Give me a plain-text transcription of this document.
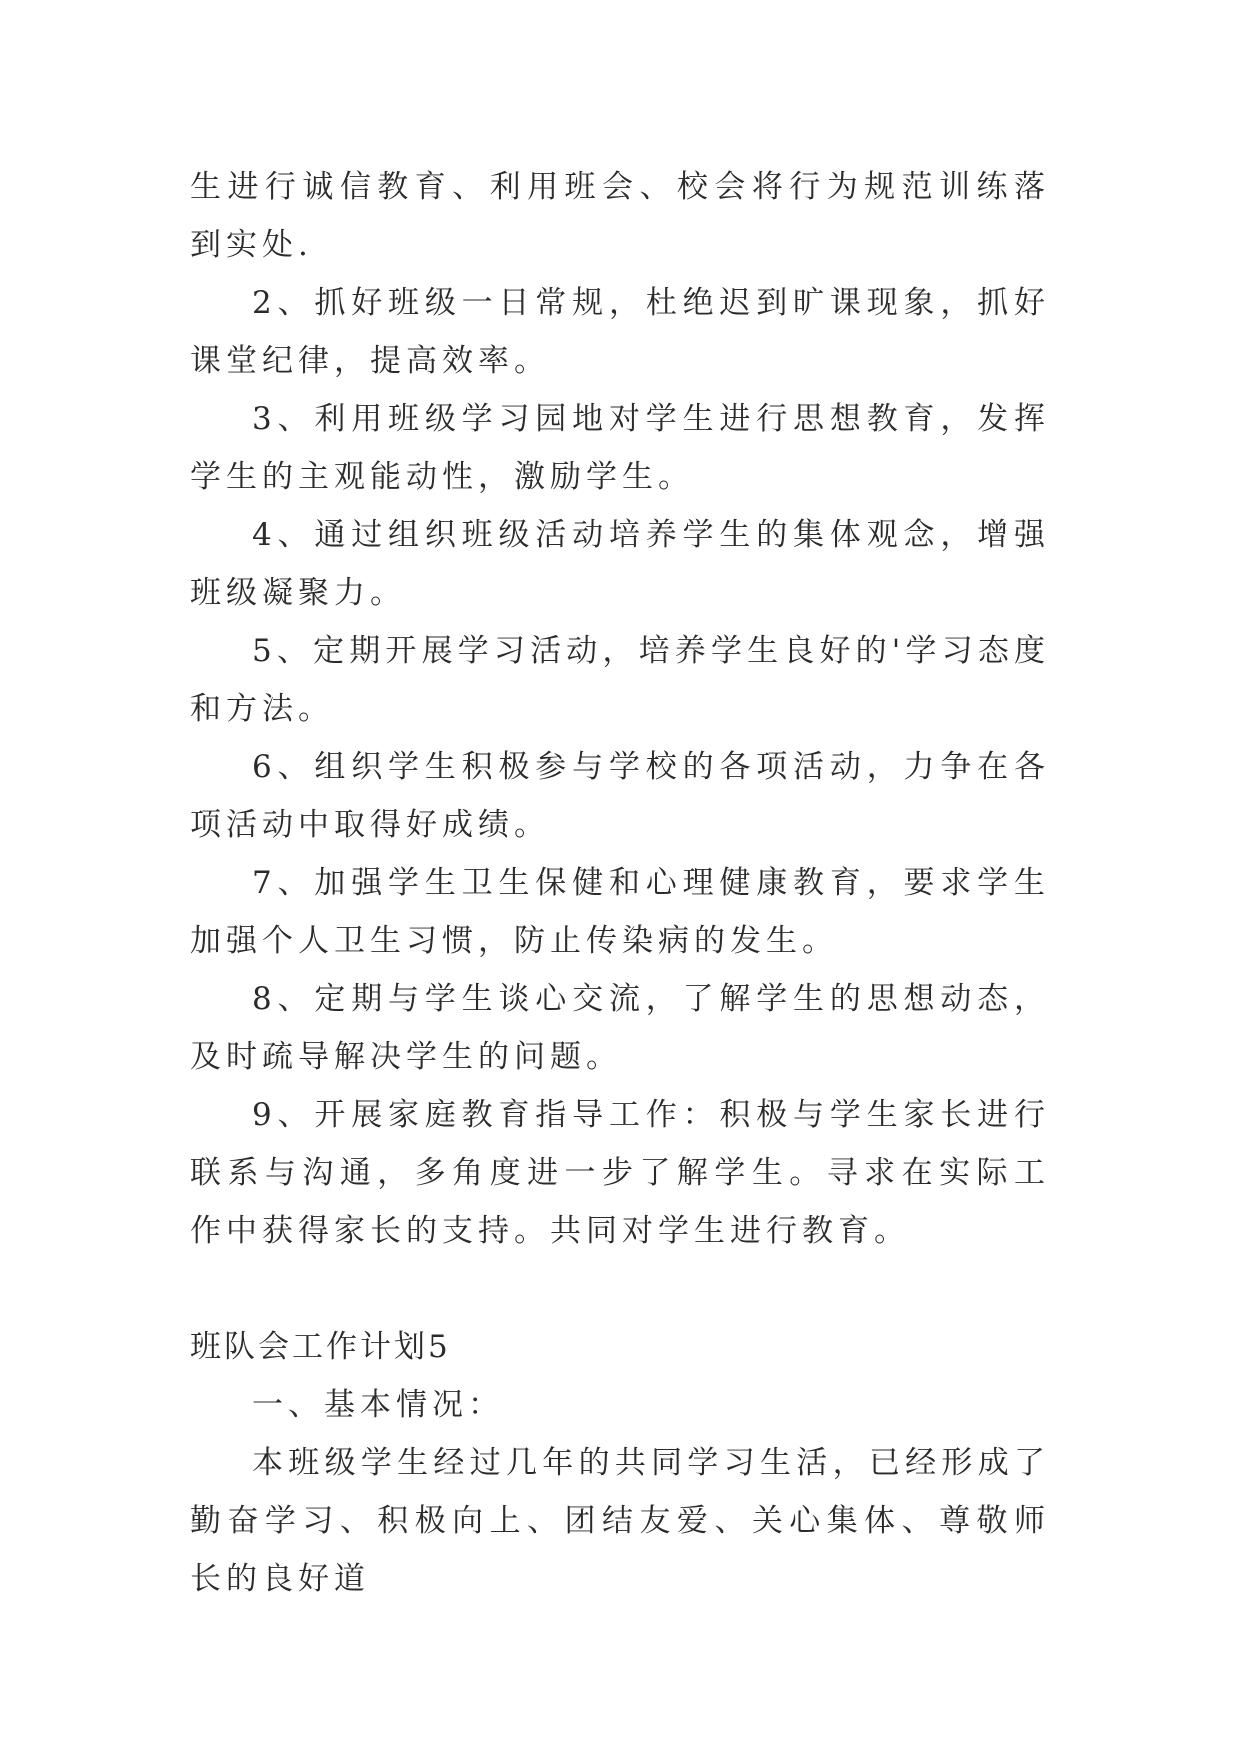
生进行诚信教育、利用班会、校会将行为规范训练落到实处.

2、抓好班级一日常规，杜绝迟到旷课现象，抓好课堂纪律，提高效率。

3、利用班级学习园地对学生进行思想教育，发挥学生的主观能动性，激励学生。

4、通过组织班级活动培养学生的集体观念，增强班级凝聚力。

5、定期开展学习活动，培养学生良好的'学习态度和方法。

6、组织学生积极参与学校的各项活动，力争在各项活动中取得好成绩。

7、加强学生卫生保健和心理健康教育，要求学生加强个人卫生习惯，防止传染病的发生。

8、定期与学生谈心交流，了解学生的思想动态，及时疏导解决学生的问题。

9、开展家庭教育指导工作：积极与学生家长进行联系与沟通，多角度进一步了解学生。寻求在实际工作中获得家长的支持。共同对学生进行教育。

班队会工作计划5

一、基本情况：

本班级学生经过几年的共同学习生活，已经形成了勤奋学习、积极向上、团结友爱、关心集体、尊敬师长的良好道
